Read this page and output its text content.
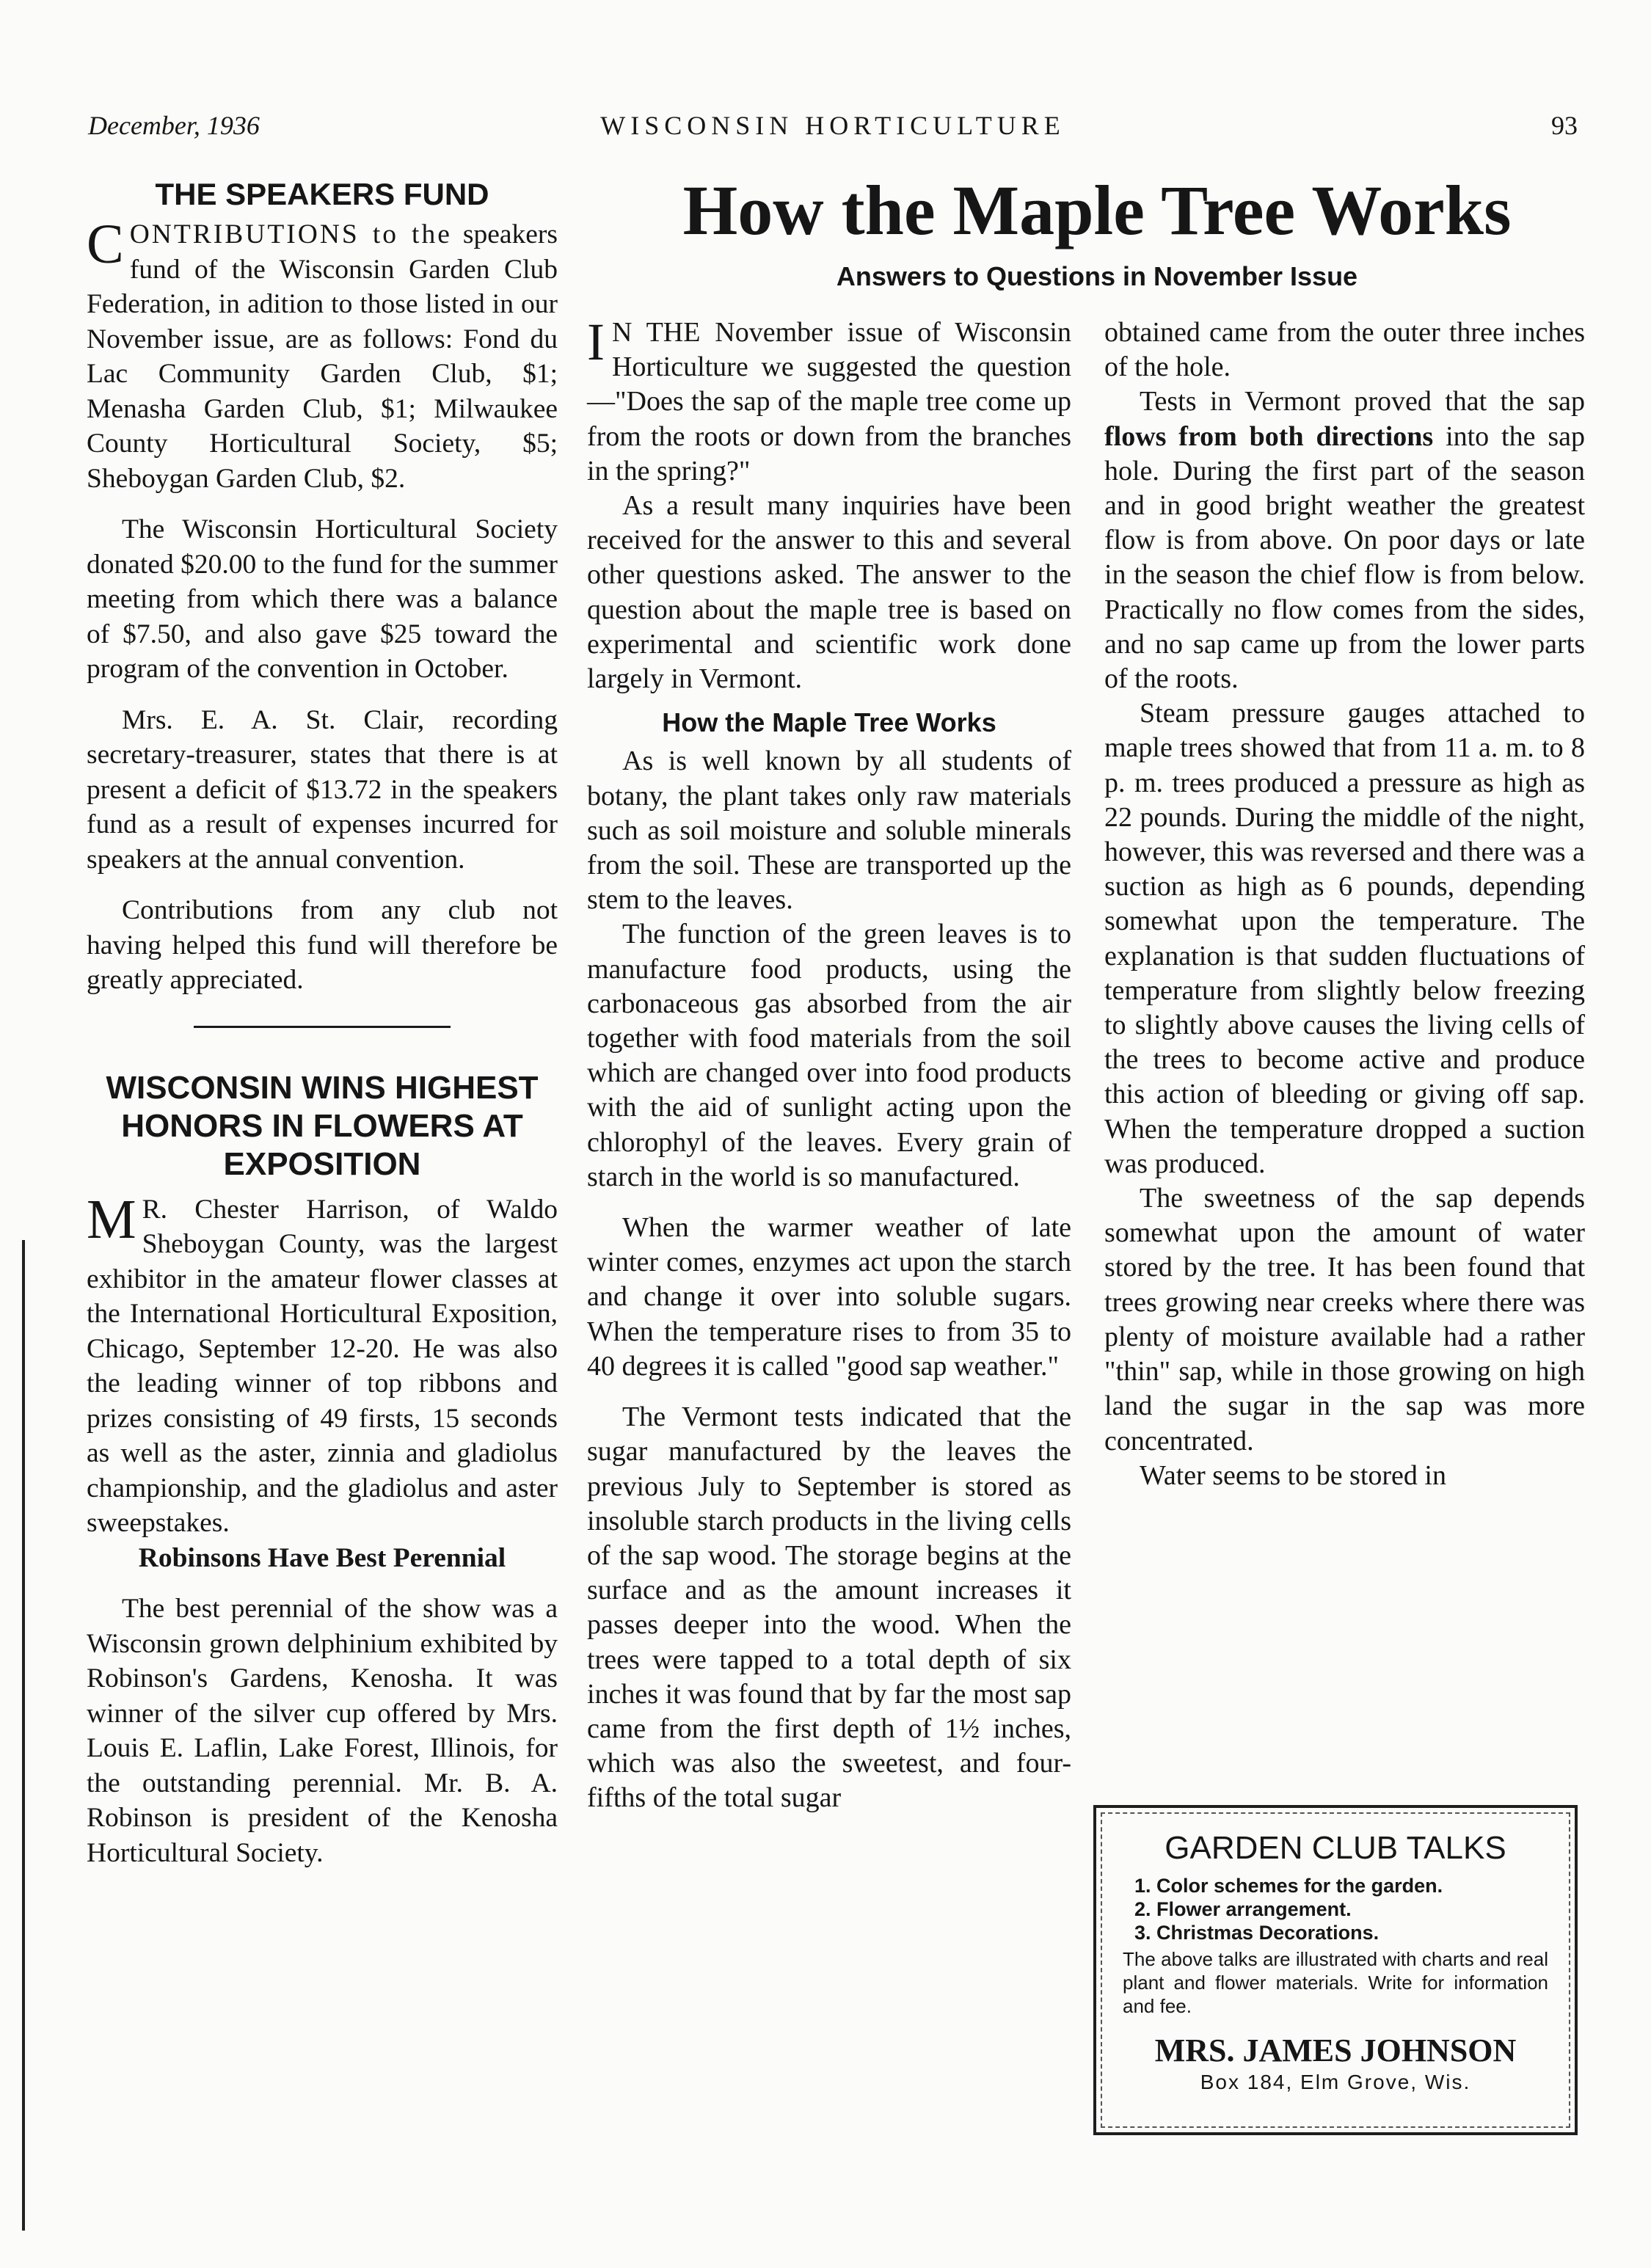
December, 1936	WISCONSIN HORTICULTURE	93

THE SPEAKERS FUND

CONTRIBUTIONS to the speakers fund of the Wisconsin Garden Club Federation, in adition to those listed in our November issue, are as follows: Fond du Lac Community Garden Club, $1; Menasha Garden Club, $1; Milwaukee County Horticultural Society, $5; Sheboygan Garden Club, $2.

The Wisconsin Horticultural Society donated $20.00 to the fund for the summer meeting from which there was a balance of $7.50, and also gave $25 toward the program of the convention in October.

Mrs. E. A. St. Clair, recording secretary-treasurer, states that there is at present a deficit of $13.72 in the speakers fund as a result of expenses incurred for speakers at the annual convention.

Contributions from any club not having helped this fund will therefore be greatly appreciated.

WISCONSIN WINS HIGHEST HONORS IN FLOWERS AT EXPOSITION

M R. Chester Harrison, of Waldo Sheboygan County, was the largest exhibitor in the amateur flower classes at the International Horticultural Exposition, Chicago, September 12-20. He was also the leading winner of top ribbons and prizes consisting of 49 firsts, 15 seconds as well as the aster, zinnia and gladiolus championship, and the gladiolus and aster sweepstakes.

Robinsons Have Best Perennial

The best perennial of the show was a Wisconsin grown delphinium exhibited by Robinson's Gardens, Kenosha. It was winner of the silver cup offered by Mrs. Louis E. Laflin, Lake Forest, Illinois, for the outstanding perennial. Mr. B. A. Robinson is president of the Kenosha Horticultural Society.

How the Maple Tree Works
Answers to Questions in November Issue

I N THE November issue of Wisconsin Horticulture we suggested the question—"Does the sap of the maple tree come up from the roots or down from the branches in the spring?"

As a result many inquiries have been received for the answer to this and several other questions asked. The answer to the question about the maple tree is based on experimental and scientific work done largely in Vermont.

How the Maple Tree Works

As is well known by all students of botany, the plant takes only raw materials such as soil moisture and soluble minerals from the soil. These are transported up the stem to the leaves.

The function of the green leaves is to manufacture food products, using the carbonaceous gas absorbed from the air together with food materials from the soil which are changed over into food products with the aid of sunlight acting upon the chlorophyl of the leaves. Every grain of starch in the world is so manufactured.

When the warmer weather of late winter comes, enzymes act upon the starch and change it over into soluble sugars. When the temperature rises to from 35 to 40 degrees it is called "good sap weather."

The Vermont tests indicated that the sugar manufactured by the leaves the previous July to September is stored as insoluble starch products in the living cells of the sap wood. The storage begins at the surface and as the amount increases it passes deeper into the wood. When the trees were tapped to a total depth of six inches it was found that by far the most sap came from the first depth of 1½ inches, which was also the sweetest, and four-fifths of the total sugar

obtained came from the outer three inches of the hole.

Tests in Vermont proved that the sap flows from both directions into the sap hole. During the first part of the season and in good bright weather the greatest flow is from above. On poor days or late in the season the chief flow is from below. Practically no flow comes from the sides, and no sap came up from the lower parts of the roots.

Steam pressure gauges attached to maple trees showed that from 11 a. m. to 8 p. m. trees produced a pressure as high as 22 pounds. During the middle of the night, however, this was reversed and there was a suction as high as 6 pounds, depending somewhat upon the temperature. The explanation is that sudden fluctuations of temperature from slightly below freezing to slightly above causes the living cells of the trees to become active and produce this action of bleeding or giving off sap. When the temperature dropped a suction was produced.

The sweetness of the sap depends somewhat upon the amount of water stored by the tree. It has been found that trees growing near creeks where there was plenty of moisture available had a rather "thin" sap, while in those growing on high land the sugar in the sap was more concentrated.

Water seems to be stored in

GARDEN CLUB TALKS
1. Color schemes for the garden.
2. Flower arrangement.
3. Christmas Decorations.
The above talks are illustrated with charts and real plant and flower materials. Write for information and fee.
MRS. JAMES JOHNSON
Box 184, Elm Grove, Wis.
